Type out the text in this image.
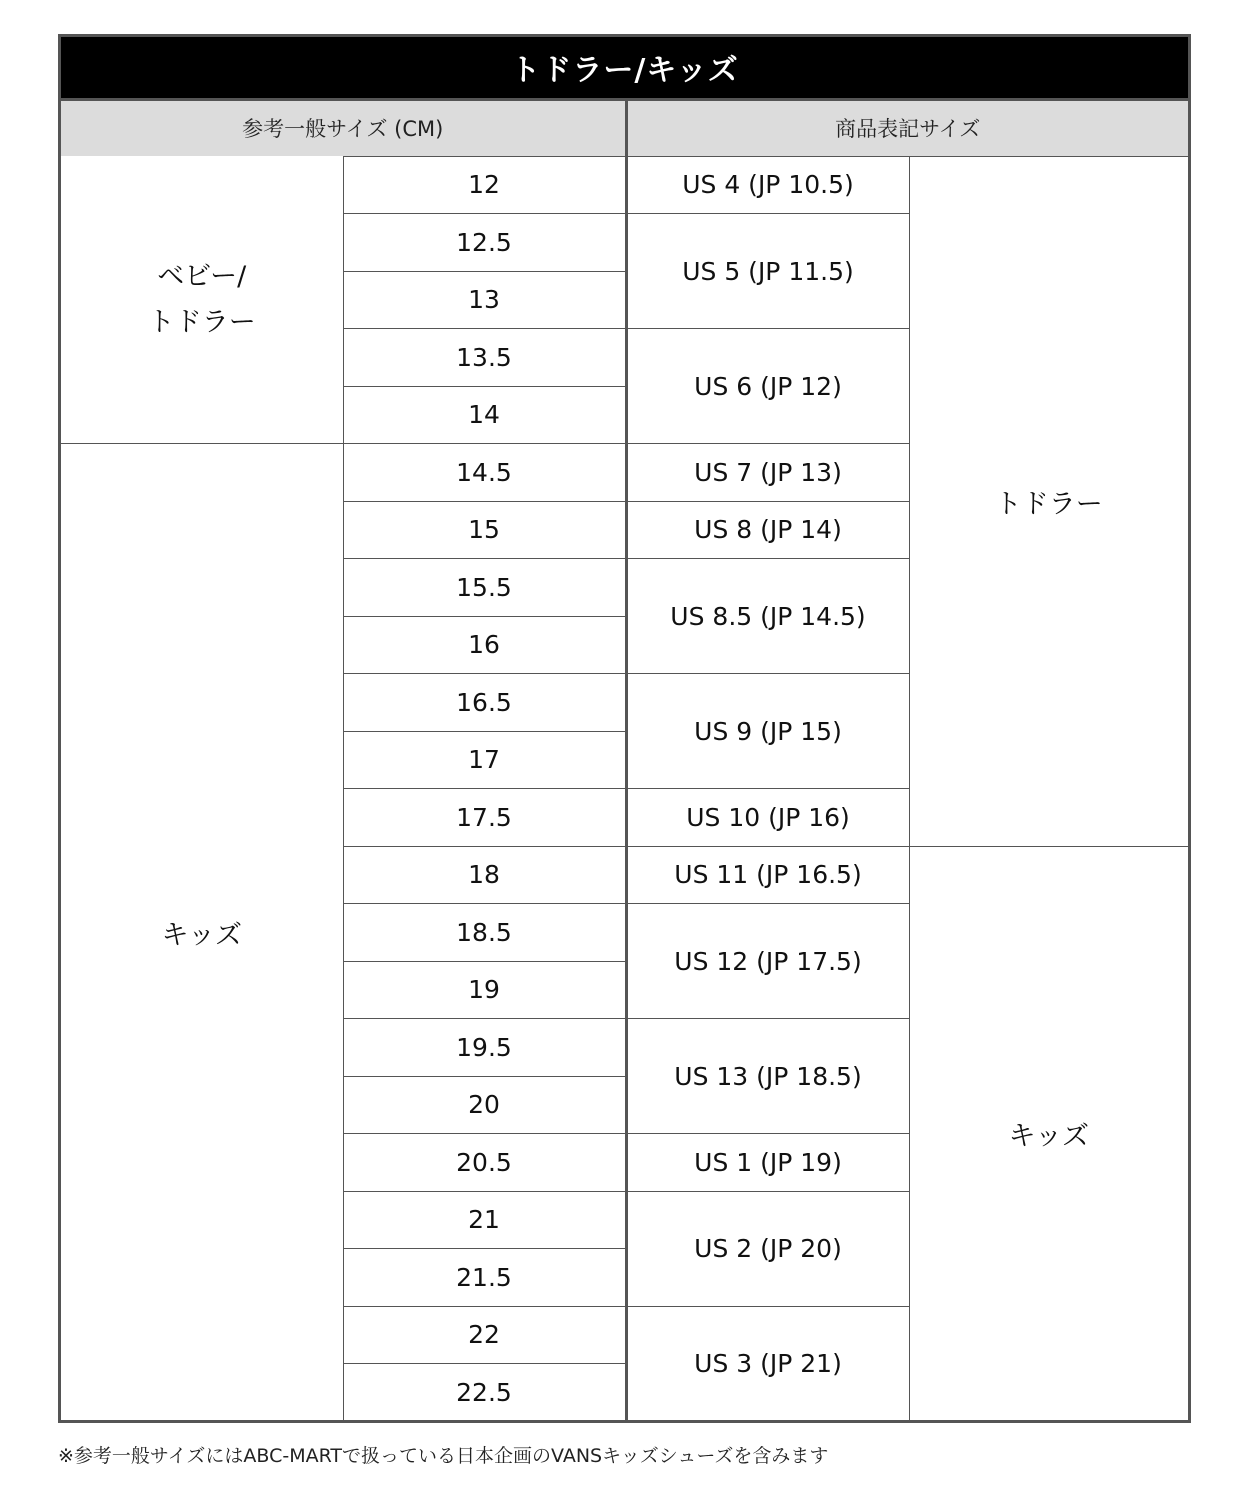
トドラー/キッズ			
参考一般サイズ (CM)		商品表記サイズ	
ベビー/
トドラー	12	US 4 (JP 10.5)	トドラー
	12.5	US 5 (JP 11.5)	
	13		
	13.5	US 6 (JP 12)	
	14		
キッズ	14.5	US 7 (JP 13)	
	15	US 8 (JP 14)	
	15.5	US 8.5 (JP 14.5)	
	16		
	16.5	US 9 (JP 15)	
	17		
	17.5	US 10 (JP 16)	
	18	US 11 (JP 16.5)	キッズ
	18.5	US 12 (JP 17.5)	
	19		
	19.5	US 13 (JP 18.5)	
	20		
	20.5	US 1 (JP 19)	
	21	US 2 (JP 20)	
	21.5		
	22	US 3 (JP 21)	
	22.5		
※参考一般サイズにはABC-MARTで扱っている日本企画のVANSキッズシューズを含みます
